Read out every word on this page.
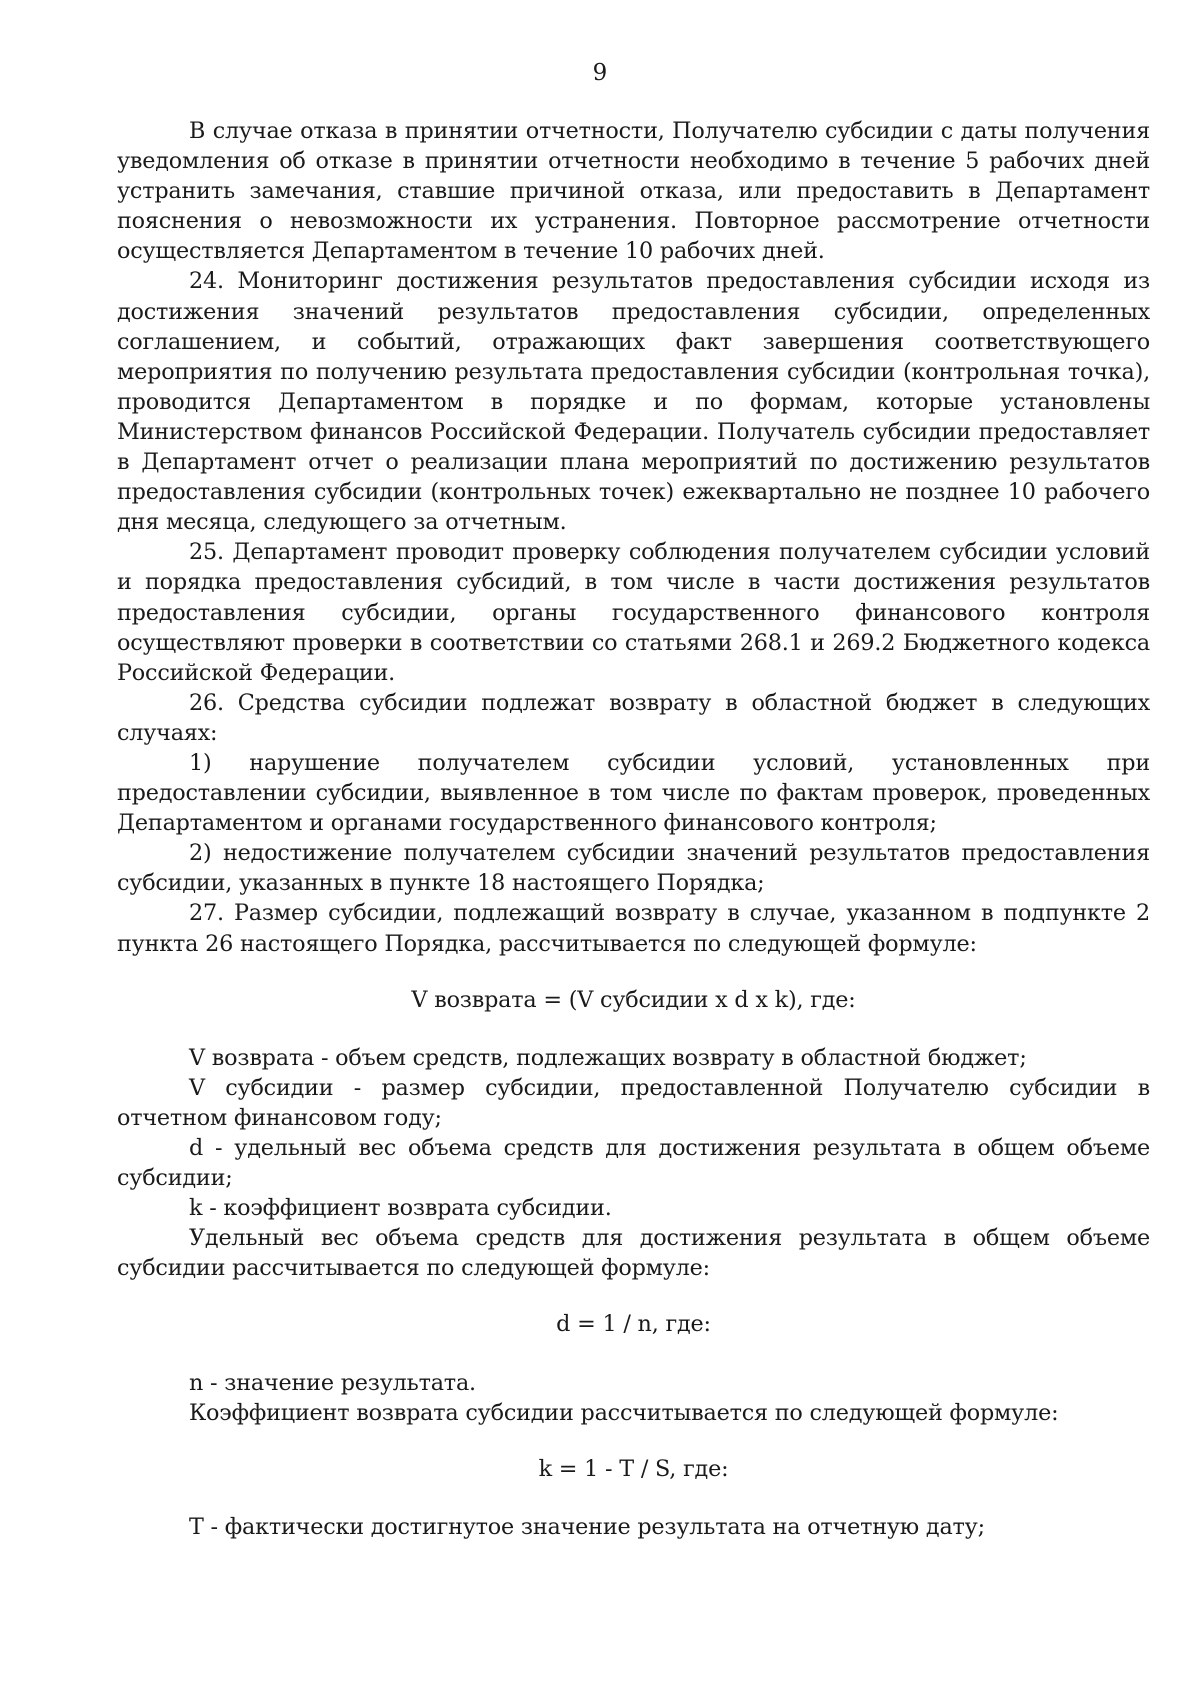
9

В случае отказа в принятии отчетности, Получателю субсидии с даты получения уведомления об отказе в принятии отчетности необходимо в течение 5 рабочих дней устранить замечания, ставшие причиной отказа, или предоставить в Департамент пояснения о невозможности их устранения. Повторное рассмотрение отчетности осуществляется Департаментом в течение 10 рабочих дней.

24. Мониторинг достижения результатов предоставления субсидии исходя из достижения значений результатов предоставления субсидии, определенных соглашением, и событий, отражающих факт завершения соответствующего мероприятия по получению результата предоставления субсидии (контрольная точка), проводится Департаментом в порядке и по формам, которые установлены Министерством финансов Российской Федерации. Получатель субсидии предоставляет в Департамент отчет о реализации плана мероприятий по достижению результатов предоставления субсидии (контрольных точек) ежеквартально не позднее 10 рабочего дня месяца, следующего за отчетным.

25. Департамент проводит проверку соблюдения получателем субсидии условий и порядка предоставления субсидий, в том числе в части достижения результатов предоставления субсидии, органы государственного финансового контроля осуществляют проверки в соответствии со статьями 268.1 и 269.2 Бюджетного кодекса Российской Федерации.

26. Средства субсидии подлежат возврату в областной бюджет в следующих случаях:

1) нарушение получателем субсидии условий, установленных при предоставлении субсидии, выявленное в том числе по фактам проверок, проведенных Департаментом и органами государственного финансового контроля;

2) недостижение получателем субсидии значений результатов предоставления субсидии, указанных в пункте 18 настоящего Порядка;

27. Размер субсидии, подлежащий возврату в случае, указанном в подпункте 2 пункта 26 настоящего Порядка, рассчитывается по следующей формуле:

V возврата = (V субсидии x d x k), где:

V возврата - объем средств, подлежащих возврату в областной бюджет;

V субсидии - размер субсидии, предоставленной Получателю субсидии в отчетном финансовом году;

d - удельный вес объема средств для достижения результата в общем объеме субсидии;

k - коэффициент возврата субсидии.

Удельный вес объема средств для достижения результата в общем объеме субсидии рассчитывается по следующей формуле:

d = 1 / n, где:

n - значение результата.

Коэффициент возврата субсидии рассчитывается по следующей формуле:

k = 1 - T / S, где:

T - фактически достигнутое значение результата на отчетную дату;
